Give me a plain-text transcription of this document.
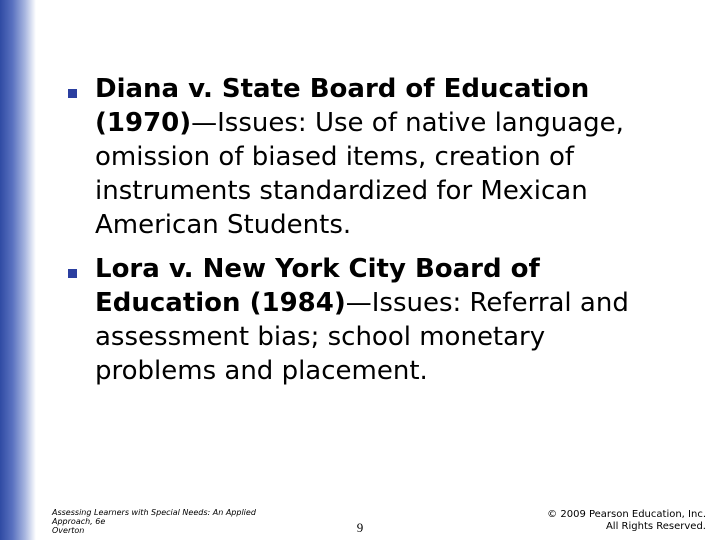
Diana v. State Board of Education (1970)—Issues: Use of native language, omission of biased items, creation of instruments standardized for Mexican American Students.
Lora v. New York City Board of Education (1984)—Issues: Referral and assessment bias; school monetary problems and placement.
Assessing Learners with Special Needs: An Applied
Approach, 6e
Overton	9
© 2009 Pearson Education, Inc.
All Rights Reserved.
